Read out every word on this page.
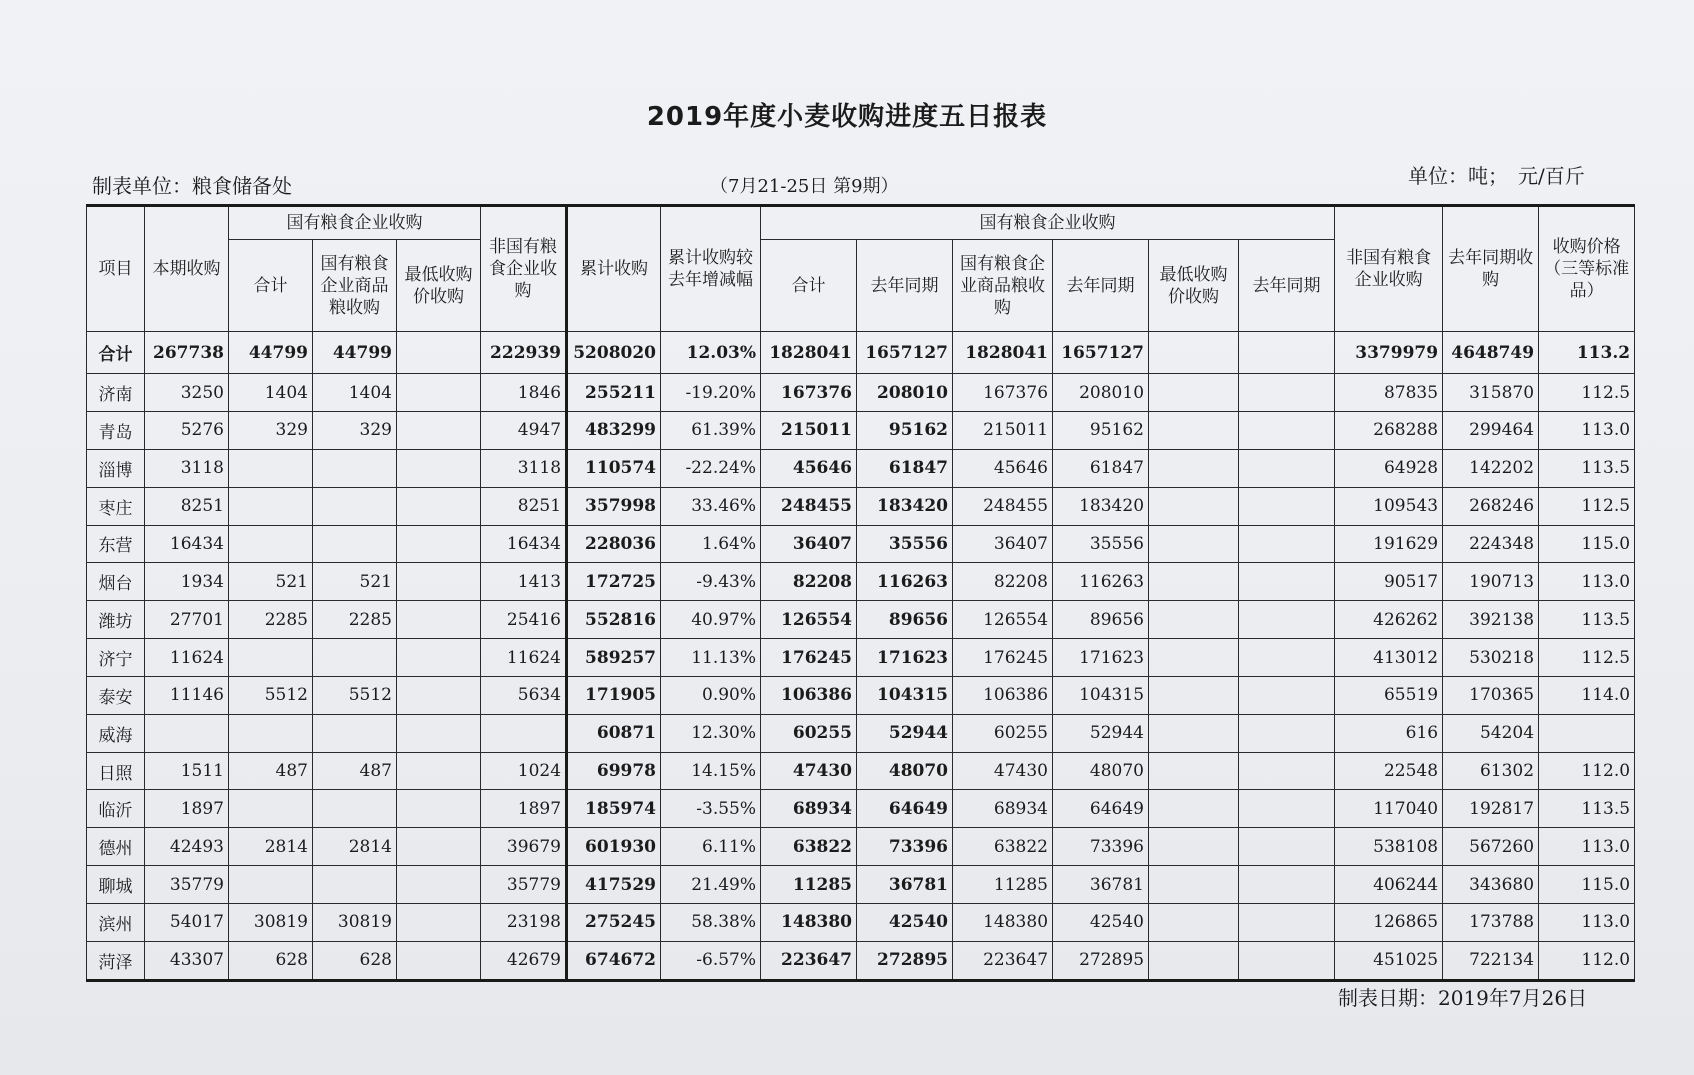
2019年度小麦收购进度五日报表
制表单位：粮食储备处	（7月21-25日 第9期）	单位：吨；　元/百斤
项目	本期收购	国有粮食企业收购			非国有粮食企业收购	累计收购	累计收购较去年增减幅	国有粮食企业收购						非国有粮食企业收购	去年同期收购	收购价格（三等标准品）
		合计	国有粮食企业商品粮收购	最低收购价收购				合计	去年同期	国有粮食企业商品粮收购	去年同期	最低收购价收购	去年同期			
合计	267738	44799	44799		222939	5208020	12.03%	1828041	1657127	1828041	1657127			3379979	4648749	113.2
济南	3250	1404	1404		1846	255211	-19.20%	167376	208010	167376	208010			87835	315870	112.5
青岛	5276	329	329		4947	483299	61.39%	215011	95162	215011	95162			268288	299464	113.0
淄博	3118				3118	110574	-22.24%	45646	61847	45646	61847			64928	142202	113.5
枣庄	8251				8251	357998	33.46%	248455	183420	248455	183420			109543	268246	112.5
东营	16434				16434	228036	1.64%	36407	35556	36407	35556			191629	224348	115.0
烟台	1934	521	521		1413	172725	-9.43%	82208	116263	82208	116263			90517	190713	113.0
潍坊	27701	2285	2285		25416	552816	40.97%	126554	89656	126554	89656			426262	392138	113.5
济宁	11624				11624	589257	11.13%	176245	171623	176245	171623			413012	530218	112.5
泰安	11146	5512	5512		5634	171905	0.90%	106386	104315	106386	104315			65519	170365	114.0
威海						60871	12.30%	60255	52944	60255	52944			616	54204	
日照	1511	487	487		1024	69978	14.15%	47430	48070	47430	48070			22548	61302	112.0
临沂	1897				1897	185974	-3.55%	68934	64649	68934	64649			117040	192817	113.5
德州	42493	2814	2814		39679	601930	6.11%	63822	73396	63822	73396			538108	567260	113.0
聊城	35779				35779	417529	21.49%	11285	36781	11285	36781			406244	343680	115.0
滨州	54017	30819	30819		23198	275245	58.38%	148380	42540	148380	42540			126865	173788	113.0
菏泽	43307	628	628		42679	674672	-6.57%	223647	272895	223647	272895			451025	722134	112.0
制表日期：2019年7月26日
